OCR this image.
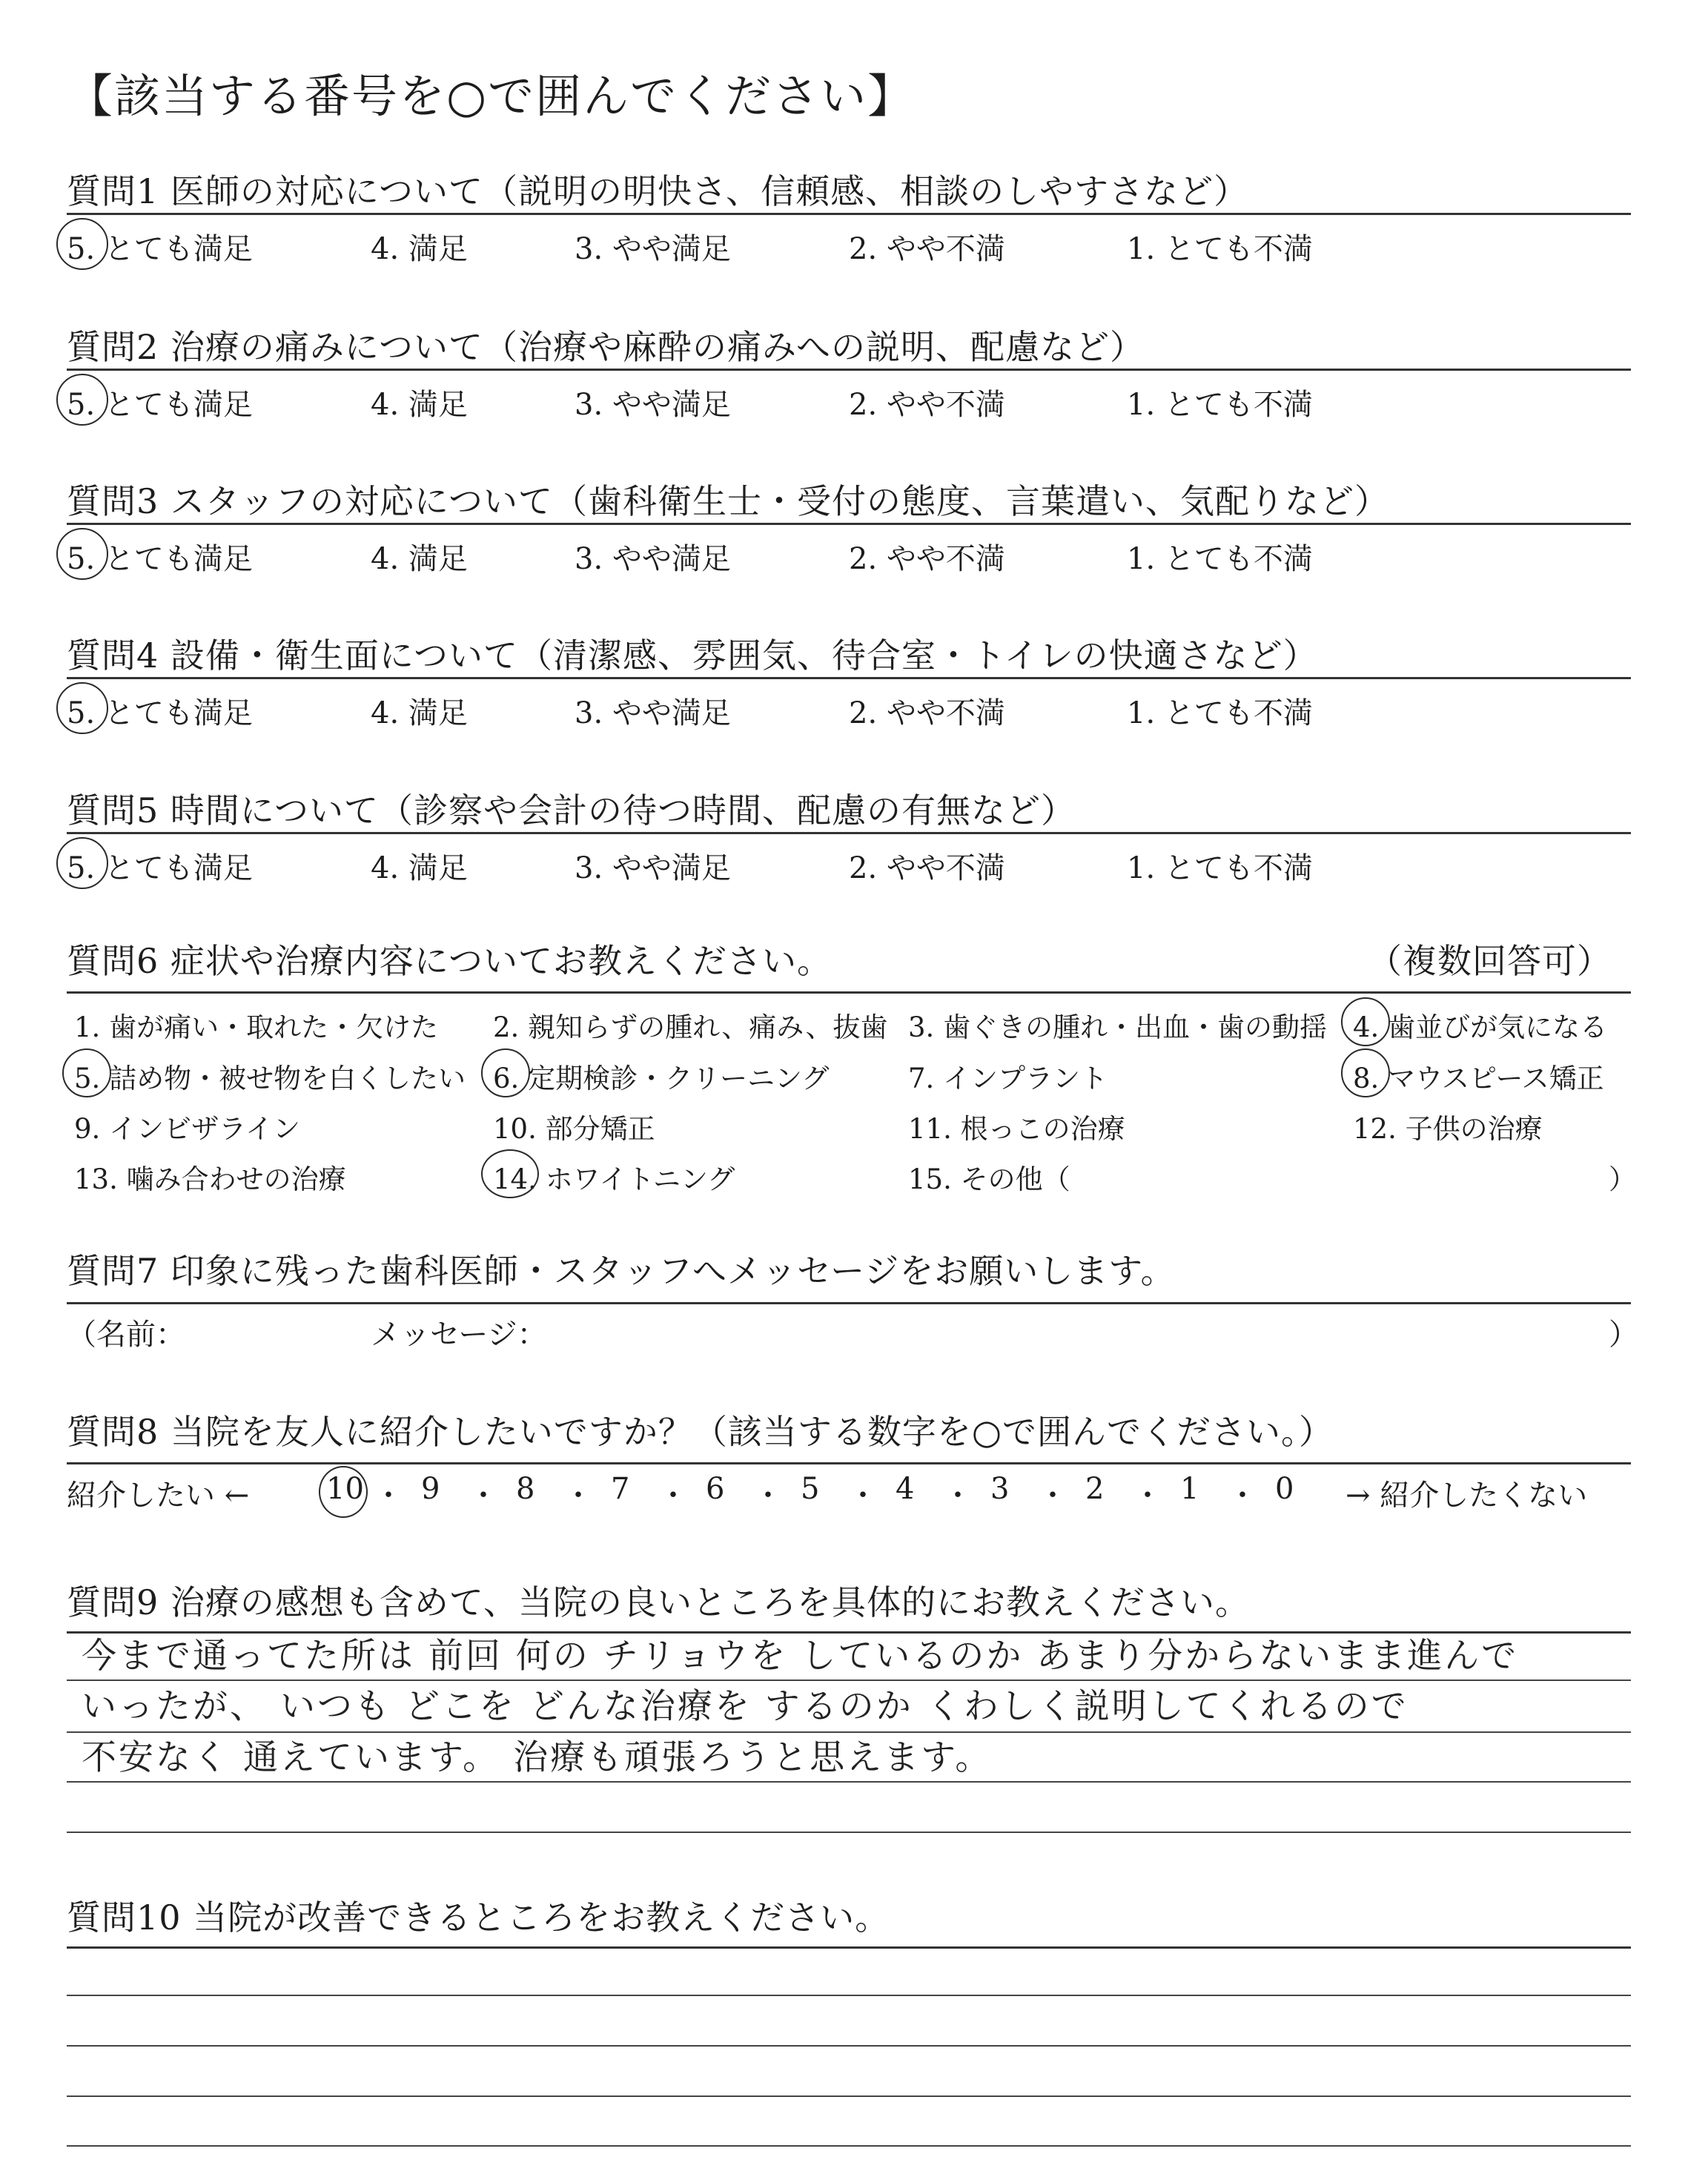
【該当する番号を○で囲んでください】
質問1 医師の対応について（説明の明快さ、信頼感、相談のしやすさなど）
5. とても満足	4. 満足	3. やや満足	2. やや不満	1. とても不満
質問2 治療の痛みについて（治療や麻酔の痛みへの説明、配慮など）
5. とても満足	4. 満足	3. やや満足	2. やや不満	1. とても不満
質問3 スタッフの対応について（歯科衛生士・受付の態度、言葉遣い、気配りなど）
5. とても満足	4. 満足	3. やや満足	2. やや不満	1. とても不満
質問4 設備・衛生面について（清潔感、雰囲気、待合室・トイレの快適さなど）
5. とても満足	4. 満足	3. やや満足	2. やや不満	1. とても不満
質問5 時間について（診察や会計の待つ時間、配慮の有無など）
5. とても満足	4. 満足	3. やや満足	2. やや不満	1. とても不満
質問6 症状や治療内容についてお教えください。	（複数回答可）
1. 歯が痛い・取れた・欠けた 2. 親知らずの腫れ、痛み、抜歯 3. 歯ぐきの腫れ・出血・歯の動揺 4. 歯並びが気になる
5. 詰め物・被せ物を白くしたい 6. 定期検診・クリーニング	7. インプラント	8. マウスピース矯正
9. インビザライン	10. 部分矯正	11. 根っこの治療	12. 子供の治療
13. 噛み合わせの治療	14. ホワイトニング	15. その他（	）
質問7 印象に残った歯科医師・スタッフへメッセージをお願いします。
（名前：	メッセージ：	）
質問8 当院を友人に紹介したいですか？（該当する数字を○で囲んでください。）
紹介したい ←	10 ・ 9 ・ 8 ・ 7 ・ 6 ・ 5 ・ 4 ・ 3 ・ 2 ・ 1 ・ 0 → 紹介したくない
質問9 治療の感想も含めて、当院の良いところを具体的にお教えください。
今まで通ってた所は 前回 何の チリョウを しているのか あまり分からないまま進んで
いったが、 いつも どこを どんな治療を するのか くわしく説明してくれるので
不安なく 通えています。 治療も頑張ろうと思えます。
質問10 当院が改善できるところをお教えください。
